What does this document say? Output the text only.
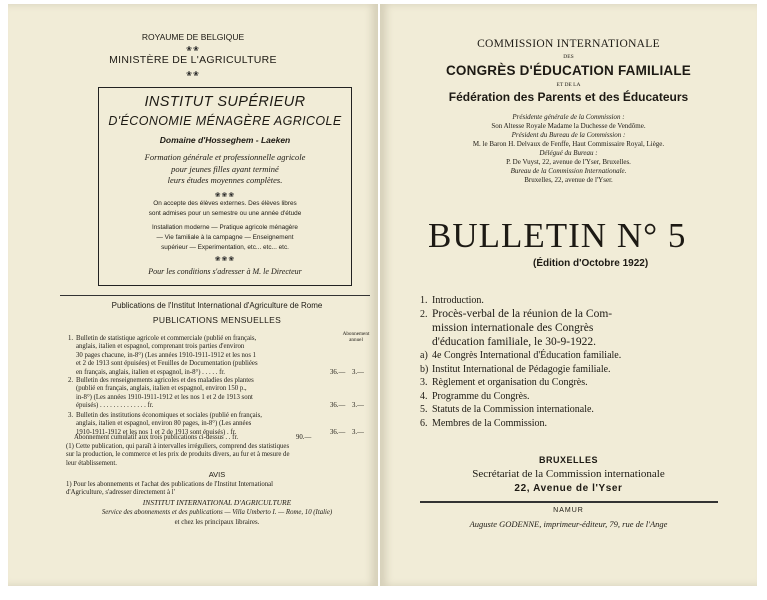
ROYAUME DE BELGIQUE
❀❀
MINISTÈRE DE L'AGRICULTURE
❀❀
INSTITUT SUPÉRIEUR
D'ÉCONOMIE MÉNAGÈRE AGRICOLE
Domaine d'Hosseghem - Laeken
Formation générale et professionnelle agricole
pour jeunes filles ayant terminé
leurs études moyennes complètes.
❀❀❀
On accepte des élèves externes. Des élèves libres
sont admises pour un semestre ou une année d'étude
Installation moderne — Pratique agricole ménagère
— Vie familiale à la campagne — Enseignement
supérieur — Experimentation, etc... etc... etc.
❀❀❀
Pour les conditions s'adresser à M. le Directeur
Publications de l'Institut International d'Agriculture de Rome
PUBLICATIONS MENSUELLES
Abonnement annuel
1. Bulletin de statistique agricole et commerciale (publié en français,
anglais, italien et espagnol, comprenant trois parties d'environ
30 pages chacune, in-8°) (Les années 1910-1911-1912 et les nos 1
et 2 de 1913 sont épuisées) et Feuilles de Documentation (publiées
en français, anglais, italien et espagnol, in-8°) . . . . . fr.	36.— 3.—
2. Bulletin des renseignements agricoles et des maladies des plantes
(publié en français, anglais, italien et espagnol, environ 150 p.,
in-8°) (Les années 1910-1911-1912 et les nos 1 et 2 de 1913 sont
épuisés) . . . . . . . . . . . . . . fr.	36.— 3.—
3. Bulletin des institutions économiques et sociales (publié en français,
anglais, italien et espagnol, environ 80 pages, in-8°) (Les années
1910-1911-1912 et les nos 1 et 2 de 1913 sont épuisés) . fr.	36.— 3.—
Abonnement cumulatif aux trois publications ci-dessus . . fr.	90.—
(1) Cette publication, qui paraît à intervalles irréguliers, comprend des statistiques
sur la production, le commerce et les prix de produits divers, au fur et à mesure de
leur établissement.
AVIS
1) Pour les abonnements et l'achat des publications de l'Institut International
d'Agriculture, s'adresser directement à l'
INSTITUT INTERNATIONAL D'AGRICULTURE
Service des abonnements et des publications — Villa Umberto I. — Rome, 10 (Italie)
et chez les principaux libraires.
COMMISSION INTERNATIONALE
DES
CONGRÈS D'ÉDUCATION FAMILIALE
ET DE LA
Fédération des Parents et des Éducateurs
Présidente générale de la Commission :
Son Altesse Royale Madame la Duchesse de Vendôme.
Président du Bureau de la Commission :
M. le Baron H. Delvaux de Fenffe, Haut Commissaire Royal, Liège.
Délégué du Bureau :
P. De Vuyst, 22, avenue de l'Yser, Bruxelles.
Bureau de la Commission Internationale.
Bruxelles, 22, avenue de l'Yser.
BULLETIN N° 5
(Édition d'Octobre 1922)
1. Introduction.
2. Procès-verbal de la réunion de la Com-
mission internationale des Congrès
d'éducation familiale, le 30-9-1922.
a) 4e Congrès International d'Éducation familiale.
b) Institut International de Pédagogie familiale.
3. Règlement et organisation du Congrès.
4. Programme du Congrès.
5. Statuts de la Commission internationale.
6. Membres de la Commission.
BRUXELLES
Secrétariat de la Commission internationale
22, Avenue de l'Yser
NAMUR
Auguste GODENNE, imprimeur-éditeur, 79, rue de l'Ange
